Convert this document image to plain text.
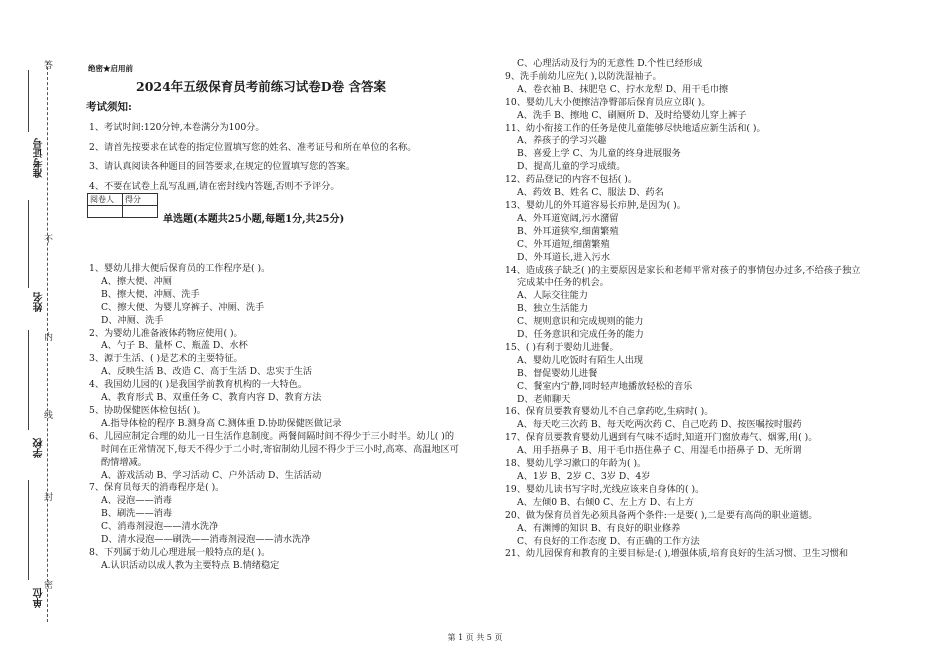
答
不
内
线
封
密
准考证号
姓名
学校
单位
绝密★启用前
2024年五级保育员考前练习试卷D卷 含答案
考试须知:
1、考试时间:120分钟,本卷满分为100分。
2、请首先按要求在试卷的指定位置填写您的姓名、准考证号和所在单位的名称。
3、请认真阅读各种题目的回答要求,在规定的位置填写您的答案。
4、不要在试卷上乱写乱画,请在密封线内答题,否则不予评分。
阅卷人	得分

单选题(本题共25小题,每题1分,共25分)
1、婴幼儿排大便后保育员的工作程序是( )。
A、擦大便、冲厕
B、擦大便、冲厕、洗手
C、擦大便、为婴儿穿裤子、冲厕、洗手
D、冲厕、洗手
2、为婴幼儿准备液体药物应使用( )。
A、勺子 B、量杯 C、瓶盖 D、水杯
3、源于生活、( )是艺术的主要特征。
A、反映生活 B、改造 C、高于生活 D、忠实于生活
4、我国幼儿园的( )是我国学前教育机构的一大特色。
A、教育形式 B、双重任务 C、教育内容 D、教育方法
5、协助保健医体检包括( )。
A.指导体检的程序 B.测身高 C.测体重 D.协助保健医做记录
6、儿园应制定合理的幼儿一日生活作息制度。两餐间隔时间不得少于三小时半。幼儿( )的
时间在正常情况下,每天不得少于二小时,寄宿制幼儿园不得少于三小时,高寒、高温地区可
酌情增减。
A、游戏活动 B、学习活动 C、户外活动 D、生活活动
7、保育员每天的消毒程序是( )。
A、浸泡——消毒
B、刷洗——消毒
C、消毒剂浸泡——清水洗净
D、清水浸泡——刷洗——消毒剂浸泡——清水洗净
8、下列属于幼儿心理进展一般特点的是( )。
A.认识活动以成人教为主要特点 B.情绪稳定
C、心理活动及行为的无意性 D.个性已经形成
9、洗手前幼儿应先( ),以防洗湿袖子。
A、卷衣袖 B、抹肥皂 C、拧水龙犁 D、用干毛巾擦
10、婴幼儿大小便擦洁净臀部后保育员应立即( )。
A、洗手 B、擦地 C、刷厕所 D、及时给婴幼儿穿上裤子
11、幼小衔接工作的任务是使儿童能够尽快地适应新生活和( )。
A、养孩子的学习兴趣
B、喜爱上学 C、为儿童的终身进展服务
D、提高儿童的学习成绩。
12、药品登记的内容不包括( )。
A、药效 B、姓名 C、服法 D、药名
13、婴幼儿的外耳道容易长疖肿,是因为( )。
A、外耳道宽阔,污水潴留
B、外耳道狭窄,细菌繁殖
C、外耳道短,细菌繁殖
D、外耳道长,进入污水
14、造成孩子缺乏( )的主要原因是家长和老师平常对孩子的事情包办过多,不给孩子独立
完成某中任务的机会。
A、人际交往能力
B、独立生活能力
C、规则意识和完成规则的能力
D、任务意识和完成任务的能力
15、( )有利于婴幼儿进餐。
A、婴幼儿吃饭时有陌生人出现
B、督促婴幼儿进餐
C、餐室内宁静,同时轻声地播放轻松的音乐
D、老师聊天
16、保育员要教育婴幼儿不自己拿药吃,生病时( )。
A、每天吃三次药 B、每天吃两次药 C、自己吃药 D、按医嘱按时服药
17、保育员要教育婴幼儿遇到有气味不适时,知道开门窗放毒气、烟雾,用( )。
A、用手捂鼻子 B、用干毛巾捂住鼻子 C、用湿毛巾捂鼻子 D、无所谓
18、婴幼儿学习漱口的年龄为( )。
A、1岁 B、2岁 C、3岁 D、4岁
19、婴幼儿读书写字时,光线应该来自身体的( )。
A、左倾0 B、右倾0 C、左上方 D、右上方
20、做为保育员首先必须具备两个条件:一是要( ),二是要有高尚的职业道德。
A、有渊博的知识 B、有良好的职业修养
C、有良好的工作态度 D、有正确的工作方法
21、幼儿园保育和教育的主要目标是:( ),增强体质,培育良好的生活习惯、卫生习惯和
第 1 页 共 5 页
